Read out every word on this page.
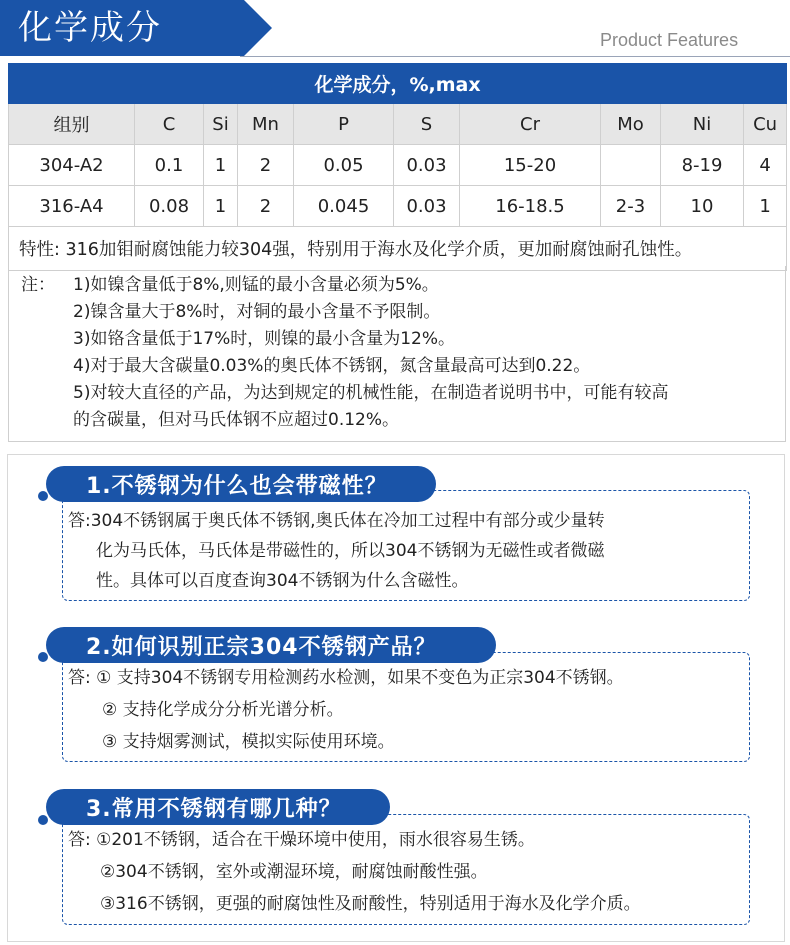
化学成分	Product Features
化学成分，%,max									
组别	C	Si	Mn	P	S	Cr	Mo	Ni	Cu
304-A2	0.1	1	2	0.05	0.03	15-20		8-19	4
316-A4	0.08	1	2	0.045	0.03	16-18.5	2-3	10	1
特性: 316加钼耐腐蚀能力较304强，特别用于海水及化学介质，更加耐腐蚀耐孔蚀性。									
注： 1)如镍含量低于8%,则锰的最小含量必须为5%。
2)镍含量大于8%时，对铜的最小含量不予限制。
3)如铬含量低于17%时，则镍的最小含量为12%。
4)对于最大含碳量0.03%的奥氏体不锈钢，氮含量最高可达到0.22。
5)对较大直径的产品，为达到规定的机械性能，在制造者说明书中，可能有较高
的含碳量，但对马氏体钢不应超过0.12%。
1.不锈钢为什么也会带磁性？
答:304不锈钢属于奥氏体不锈钢,奥氏体在冷加工过程中有部分或少量转
化为马氏体，马氏体是带磁性的，所以304不锈钢为无磁性或者微磁
性。具体可以百度查询304不锈钢为什么含磁性。
2.如何识别正宗304不锈钢产品？
答: ① 支持304不锈钢专用检测药水检测，如果不变色为正宗304不锈钢。
② 支持化学成分分析光谱分析。
③ 支持烟雾测试，模拟实际使用环境。
3.常用不锈钢有哪几种？
答: ①201不锈钢，适合在干燥环境中使用，雨水很容易生锈。
②304不锈钢，室外或潮湿环境，耐腐蚀耐酸性强。
③316不锈钢，更强的耐腐蚀性及耐酸性，特别适用于海水及化学介质。
